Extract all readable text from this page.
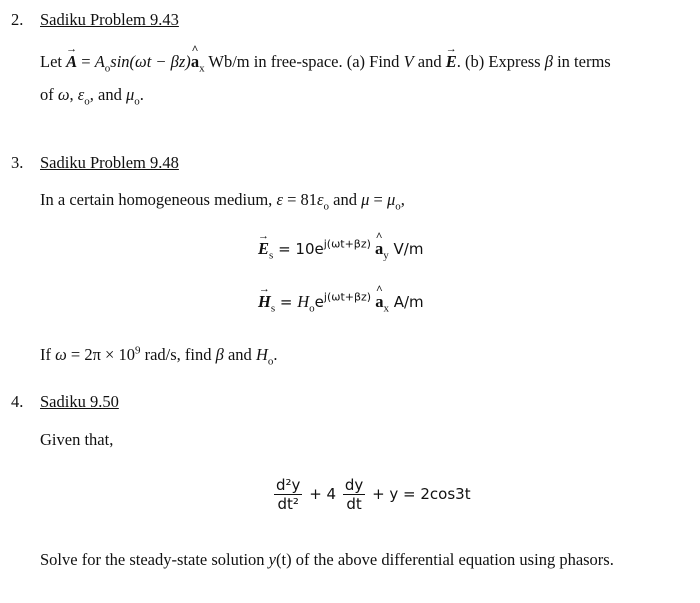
2. Sadiku Problem 9.43
Let → $A = A_o\sin(\omega t$ − βz)^ $a_x$ Wb/m in free-space. (a) Find V and → E. (b) Express β in terms
of ω, $\varepsilon_o$, and $\mu_o$.
3. Sadiku Problem 9.48
In a certain homogeneous medium, $\varepsilon = 81\varepsilon_o$ and $\mu = \mu_o$,
→ $E_s = 10e^{j(\omega t+\beta z)}$ ^ $a_y$ V/m
→ $H_s = H_oe^{j(\omega t+\beta z)}$ ^ $a_x$ A/m
If $\omega = 2\pi \times 10^9$ rad/s, find β and $H_o$.
4. Sadiku 9.50
Given that,
$\frac{\text{d²y}}{\text{dt²}} + 4 \frac{dy}{dt} + y = 2\cos 3t$
Solve for the steady-state solution y(t) of the above differential equation using phasors.
